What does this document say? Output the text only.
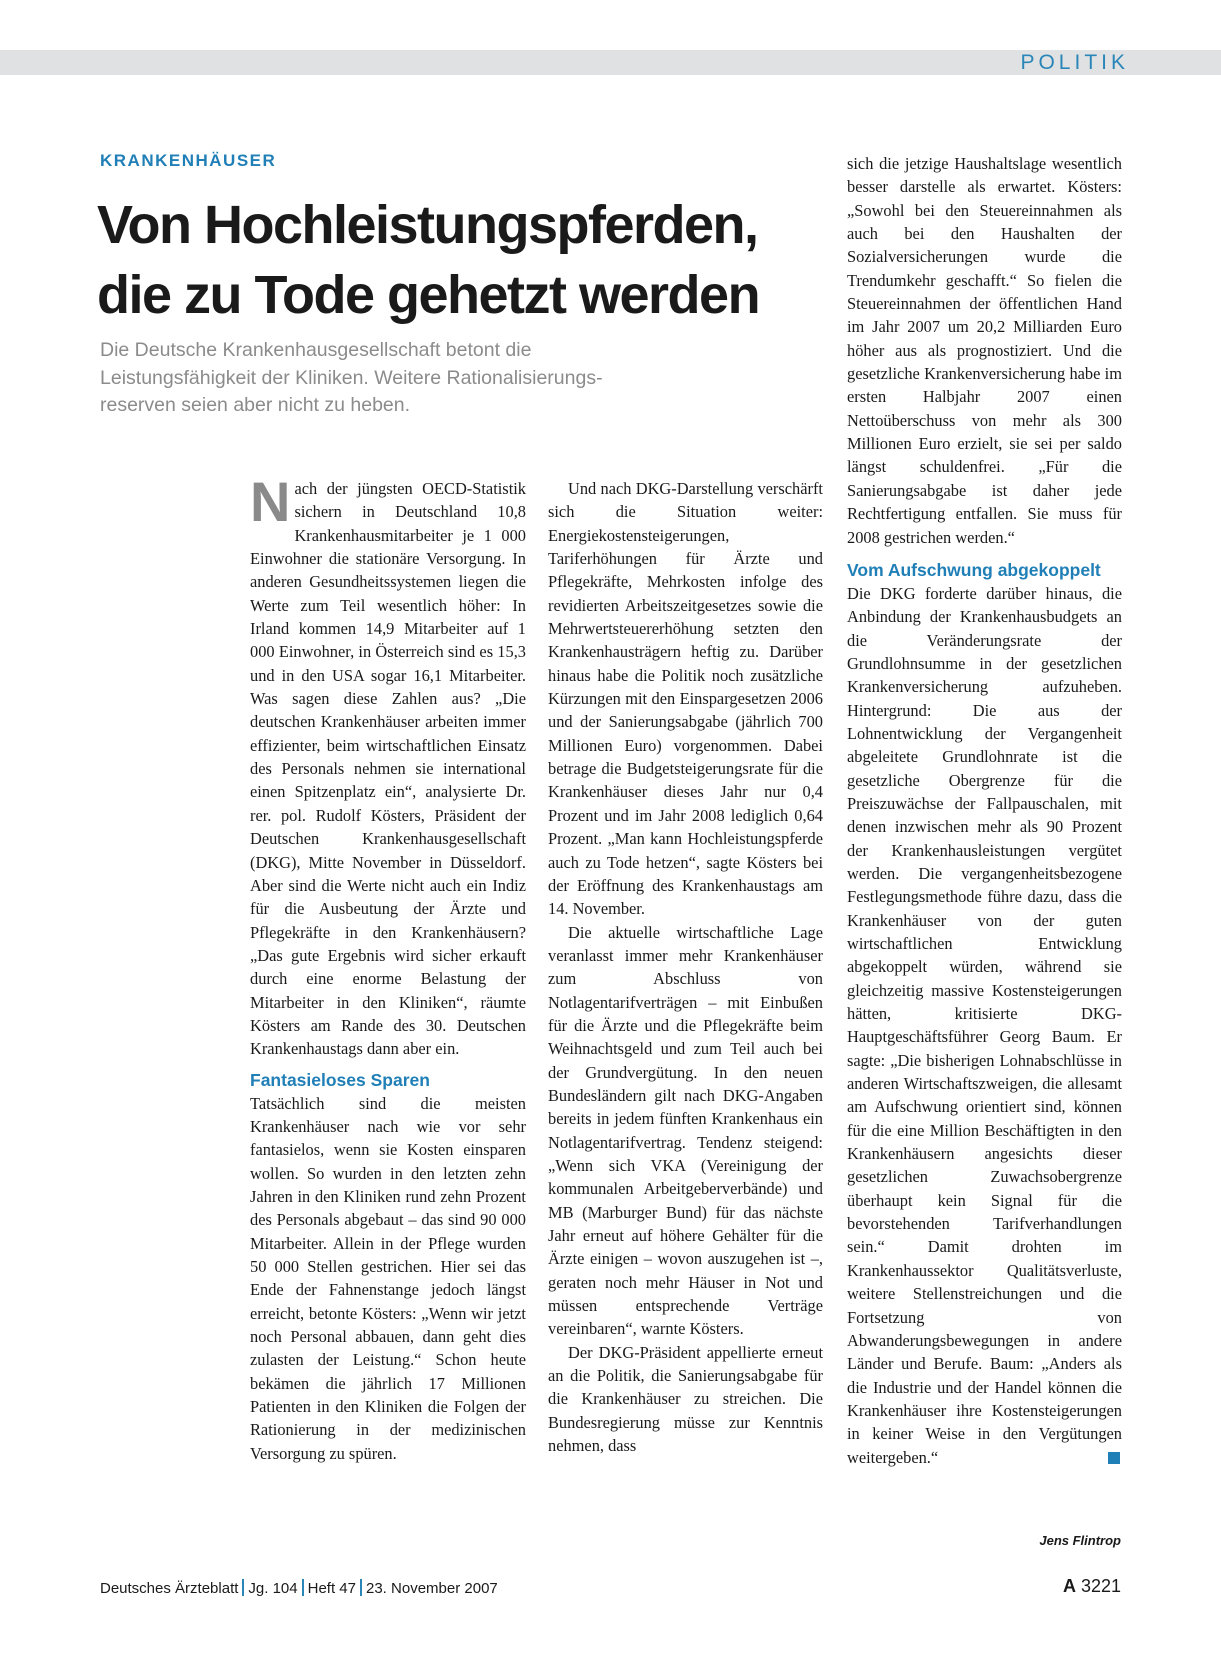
POLITIK
KRANKENHÄUSER
Von Hochleistungspferden,
die zu Tode gehetzt werden
Die Deutsche Krankenhausgesellschaft betont die
Leistungsfähigkeit der Kliniken. Weitere Rationalisierungs-
reserven seien aber nicht zu heben.

Nach der jüngsten OECD-Statistik sichern in Deutschland 10,8 Krankenhausmitarbeiter je 1 000 Einwohner die stationäre Versorgung. In anderen Gesundheitssystemen liegen die Werte zum Teil wesentlich höher: In Irland kommen 14,9 Mitarbeiter auf 1 000 Einwohner, in Österreich sind es 15,3 und in den USA sogar 16,1 Mitarbeiter. Was sagen diese Zahlen aus? „Die deutschen Krankenhäuser arbeiten immer effizienter, beim wirtschaftlichen Einsatz des Personals nehmen sie international einen Spitzenplatz ein“, analysierte Dr. rer. pol. Rudolf Kösters, Präsident der Deutschen Krankenhausgesellschaft (DKG), Mitte November in Düsseldorf. Aber sind die Werte nicht auch ein Indiz für die Ausbeutung der Ärzte und Pflegekräfte in den Krankenhäusern? „Das gute Ergebnis wird sicher erkauft durch eine enorme Belastung der Mitarbeiter in den Kliniken“, räumte Kösters am Rande des 30. Deutschen Krankenhaustags dann aber ein.

Fantasieloses Sparen

Tatsächlich sind die meisten Krankenhäuser nach wie vor sehr fantasielos, wenn sie Kosten einsparen wollen. So wurden in den letzten zehn Jahren in den Kliniken rund zehn Prozent des Personals abgebaut – das sind 90 000 Mitarbeiter. Allein in der Pflege wurden 50 000 Stellen gestrichen. Hier sei das Ende der Fahnenstange jedoch längst erreicht, betonte Kösters: „Wenn wir jetzt noch Personal abbauen, dann geht dies zulasten der Leistung.“ Schon heute bekämen die jährlich 17 Millionen Patienten in den Kliniken die Folgen der Rationierung in der medizinischen Versorgung zu spüren.

Und nach DKG-Darstellung verschärft sich die Situation weiter: Energiekostensteigerungen, Tariferhöhungen für Ärzte und Pflegekräfte, Mehrkosten infolge des revidierten Arbeitszeitgesetzes sowie die Mehrwertsteuererhöhung setzten den Krankenhausträgern heftig zu. Darüber hinaus habe die Politik noch zusätzliche Kürzungen mit den Einspargesetzen 2006 und der Sanierungsabgabe (jährlich 700 Millionen Euro) vorgenommen. Dabei betrage die Budgetsteigerungsrate für die Krankenhäuser dieses Jahr nur 0,4 Prozent und im Jahr 2008 lediglich 0,64 Prozent. „Man kann Hochleistungspferde auch zu Tode hetzen“, sagte Kösters bei der Eröffnung des Krankenhaustags am 14. November.

Die aktuelle wirtschaftliche Lage veranlasst immer mehr Krankenhäuser zum Abschluss von Notlagentarifverträgen – mit Einbußen für die Ärzte und die Pflegekräfte beim Weihnachtsgeld und zum Teil auch bei der Grundvergütung. In den neuen Bundesländern gilt nach DKG-Angaben bereits in jedem fünften Krankenhaus ein Notlagentarifvertrag. Tendenz steigend: „Wenn sich VKA (Vereinigung der kommunalen Arbeitgeberverbände) und MB (Marburger Bund) für das nächste Jahr erneut auf höhere Gehälter für die Ärzte einigen – wovon auszugehen ist –, geraten noch mehr Häuser in Not und müssen entsprechende Verträge vereinbaren“, warnte Kösters.

Der DKG-Präsident appellierte erneut an die Politik, die Sanierungsabgabe für die Krankenhäuser zu streichen. Die Bundesregierung müsse zur Kenntnis nehmen, dass

sich die jetzige Haushaltslage wesentlich besser darstelle als erwartet. Kösters: „Sowohl bei den Steuereinnahmen als auch bei den Haushalten der Sozialversicherungen wurde die Trendumkehr geschafft.“ So fielen die Steuereinnahmen der öffentlichen Hand im Jahr 2007 um 20,2 Milliarden Euro höher aus als prognostiziert. Und die gesetzliche Krankenversicherung habe im ersten Halbjahr 2007 einen Nettoüberschuss von mehr als 300 Millionen Euro erzielt, sie sei per saldo längst schuldenfrei. „Für die Sanierungsabgabe ist daher jede Rechtfertigung entfallen. Sie muss für 2008 gestrichen werden.“

Vom Aufschwung abgekoppelt

Die DKG forderte darüber hinaus, die Anbindung der Krankenhausbudgets an die Veränderungsrate der Grundlohnsumme in der gesetzlichen Krankenversicherung aufzuheben. Hintergrund: Die aus der Lohnentwicklung der Vergangenheit abgeleitete Grundlohnrate ist die gesetzliche Obergrenze für die Preiszuwächse der Fallpauschalen, mit denen inzwischen mehr als 90 Prozent der Krankenhausleistungen vergütet werden. Die vergangenheitsbezogene Festlegungsmethode führe dazu, dass die Krankenhäuser von der guten wirtschaftlichen Entwicklung abgekoppelt würden, während sie gleichzeitig massive Kostensteigerungen hätten, kritisierte DKG-Hauptgeschäftsführer Georg Baum. Er sagte: „Die bisherigen Lohnabschlüsse in anderen Wirtschaftszweigen, die allesamt am Aufschwung orientiert sind, können für die eine Million Beschäftigten in den Krankenhäusern angesichts dieser gesetzlichen Zuwachsobergrenze überhaupt kein Signal für die bevorstehenden Tarifverhandlungen sein.“ Damit drohten im Krankenhaussektor Qualitätsverluste, weitere Stellenstreichungen und die Fortsetzung von Abwanderungsbewegungen in andere Länder und Berufe. Baum: „Anders als die Industrie und der Handel können die Krankenhäuser ihre Kostensteigerungen in keiner Weise in den Vergütungen weitergeben.“

Jens Flintrop
Deutsches Ärzteblatt Jg. 104 Heft 47 23. November 2007	A 3221
